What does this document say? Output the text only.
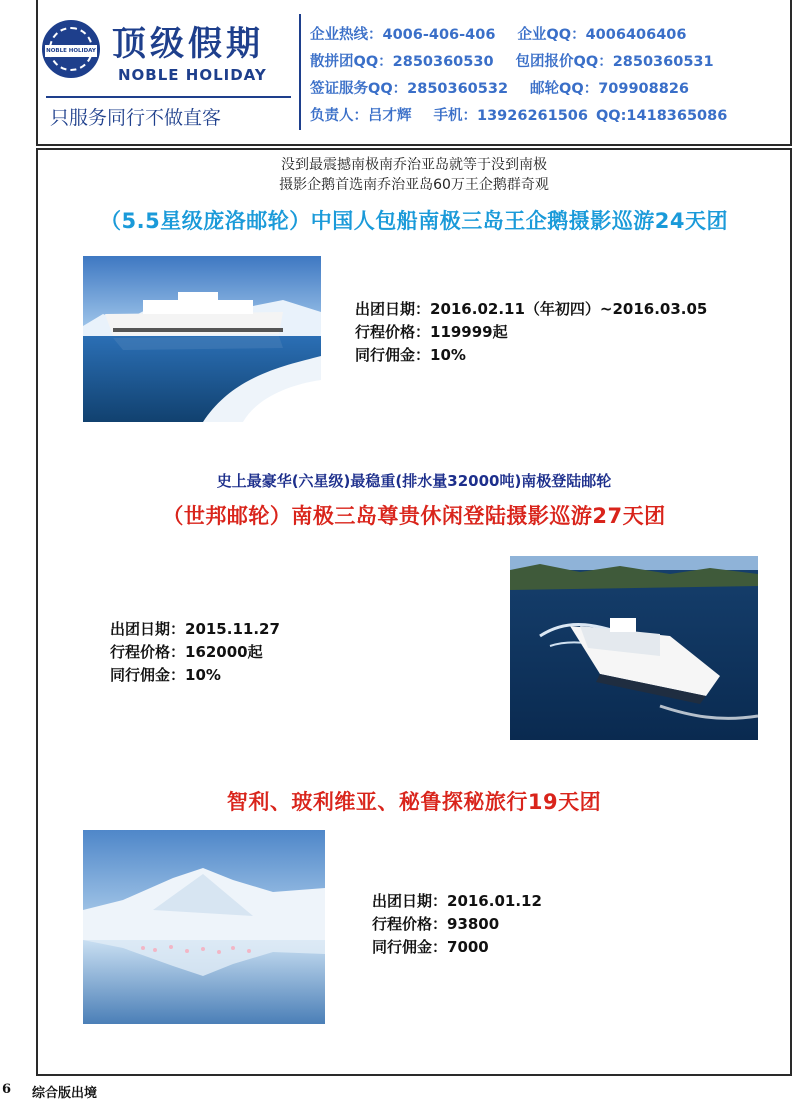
NOBLE HOLIDAY 顶级假期
NOBLE HOLIDAY
只服务同行不做直客
企业热线：4006-406-406 企业QQ：4006406406
散拼团QQ：2850360530 包团报价QQ：2850360531
签证服务QQ：2850360532 邮轮QQ：709908826
负责人：吕才辉 手机：13926261506 QQ:1418365086
没到最震撼南极南乔治亚岛就等于没到南极
摄影企鹅首选南乔治亚岛60万王企鹅群奇观
（5.5星级庞洛邮轮）中国人包船南极三岛王企鹅摄影巡游24天团
出团日期：2016.02.11（年初四）~2016.03.05
行程价格：119999起
同行佣金：10%
史上最豪华(六星级)最稳重(排水量32000吨)南极登陆邮轮
（世邦邮轮）南极三岛尊贵休闲登陆摄影巡游27天团
出团日期：2015.11.27
行程价格：162000起
同行佣金：10%
智利、玻利维亚、秘鲁探秘旅行19天团
出团日期：2016.01.12
行程价格：93800
同行佣金：7000
6 综合版出境
